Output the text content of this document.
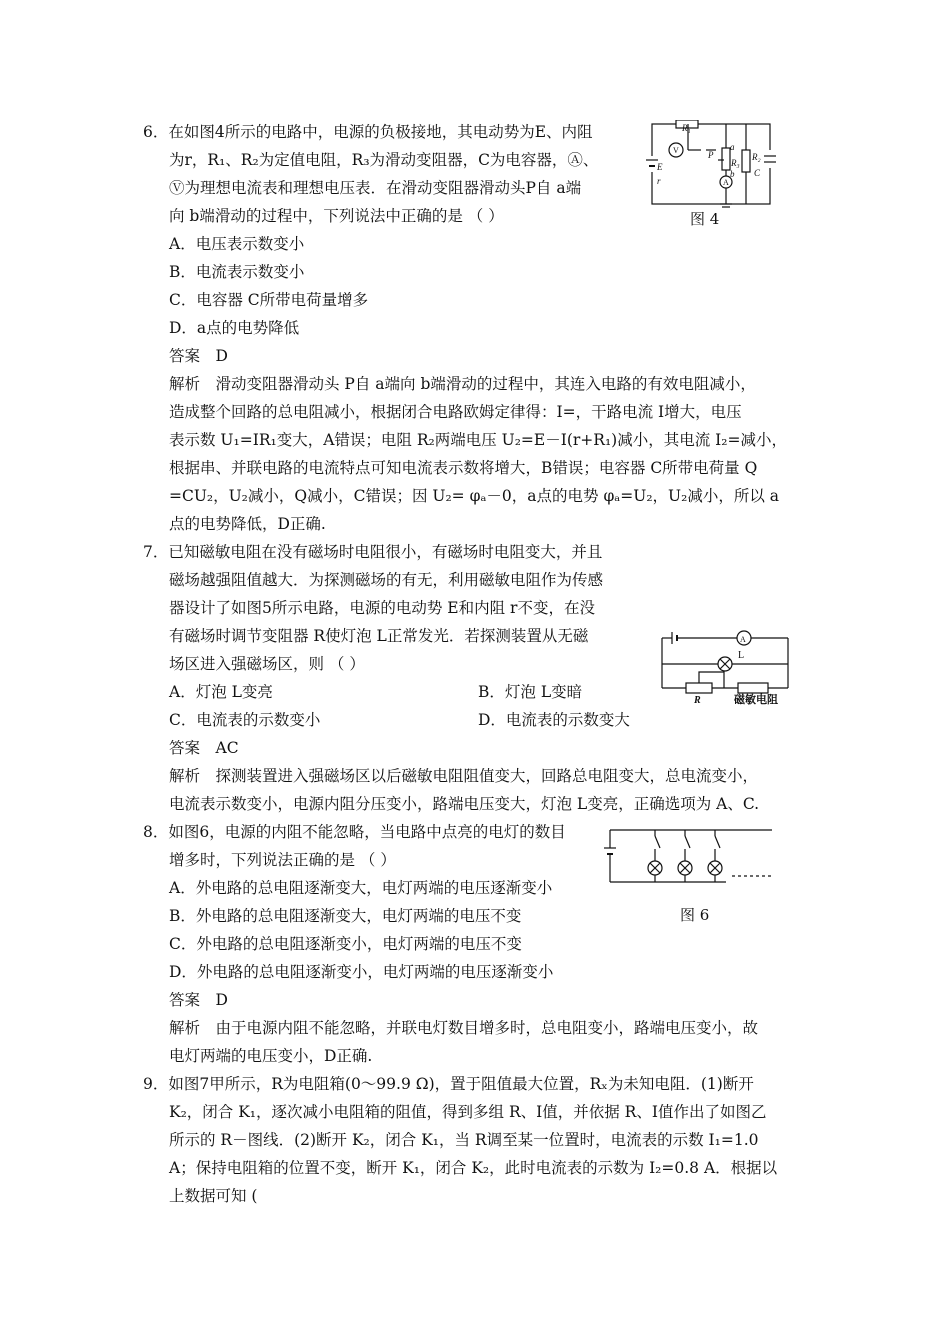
6．在如图4所示的电路中，电源的负极接地，其电动势为E、内阻
为r，R₁、R₂为定值电阻，R₃为滑动变阻器，C为电容器，Ⓐ、
Ⓥ为理想电流表和理想电压表．在滑动变阻器滑动头P自 a端
向 b端滑动的过程中，下列说法中正确的是 （ ）
A．电压表示数变小
B．电流表示数变小
C．电容器 C所带电荷量增多
D．a点的电势降低
答案　D
解析　滑动变阻器滑动头 P自 a端向 b端滑动的过程中，其连入电路的有效电阻减小，
造成整个回路的总电阻减小，根据闭合电路欧姆定律得：I=，干路电流 I增大，电压
表示数 U₁=IR₁变大，A错误；电阻 R₂两端电压 U₂=E－I(r+R₁)减小，其电流 I₂=减小，
根据串、并联电路的电流特点可知电流表示数将增大，B错误；电容器 C所带电荷量 Q
=CU₂，U₂减小，Q减小，C错误；因 U₂= φₐ－0，a点的电势 φₐ=U₂，U₂减小，所以 a
点的电势降低，D正确.
R₁
R₂
R₃
C
E
r
P
a
b
V
A
图 4
7．已知磁敏电阻在没有磁场时电阻很小，有磁场时电阻变大，并且
磁场越强阻值越大．为探测磁场的有无，利用磁敏电阻作为传感
器设计了如图5所示电路，电源的电动势 E和内阻 r不变，在没
有磁场时调节变阻器 R使灯泡 L正常发光．若探测装置从无磁
场区进入强磁场区，则 （ ）
A．灯泡 L变亮	B．灯泡 L变暗
C．电流表的示数变小	D．电流表的示数变大
答案　AC
解析　探测装置进入强磁场区以后磁敏电阻阻值变大，回路总电阻变大，总电流变小，
电流表示数变小，电源内阻分压变小，路端电压变大，灯泡 L变亮，正确选项为 A、C.
A
L
R	磁敏电阻
8．如图6，电源的内阻不能忽略，当电路中点亮的电灯的数目
增多时，下列说法正确的是 （ ）
A．外电路的总电阻逐渐变大，电灯两端的电压逐渐变小
B．外电路的总电阻逐渐变大，电灯两端的电压不变
C．外电路的总电阻逐渐变小，电灯两端的电压不变
D．外电路的总电阻逐渐变小，电灯两端的电压逐渐变小
答案　D
解析　由于电源内阻不能忽略，并联电灯数目增多时，总电阻变小，路端电压变小，故
电灯两端的电压变小，D正确.
图 6
9．如图7甲所示，R为电阻箱(0～99.9 Ω)，置于阻值最大位置，Rₓ为未知电阻．(1)断开
K₂，闭合 K₁，逐次减小电阻箱的阻值，得到多组 R、I值，并依据 R、I值作出了如图乙
所示的 R－图线．(2)断开 K₂，闭合 K₁，当 R调至某一位置时，电流表的示数 I₁=1.0
A；保持电阻箱的位置不变，断开 K₁，闭合 K₂，此时电流表的示数为 I₂=0.8 A．根据以
上数据可知 (
